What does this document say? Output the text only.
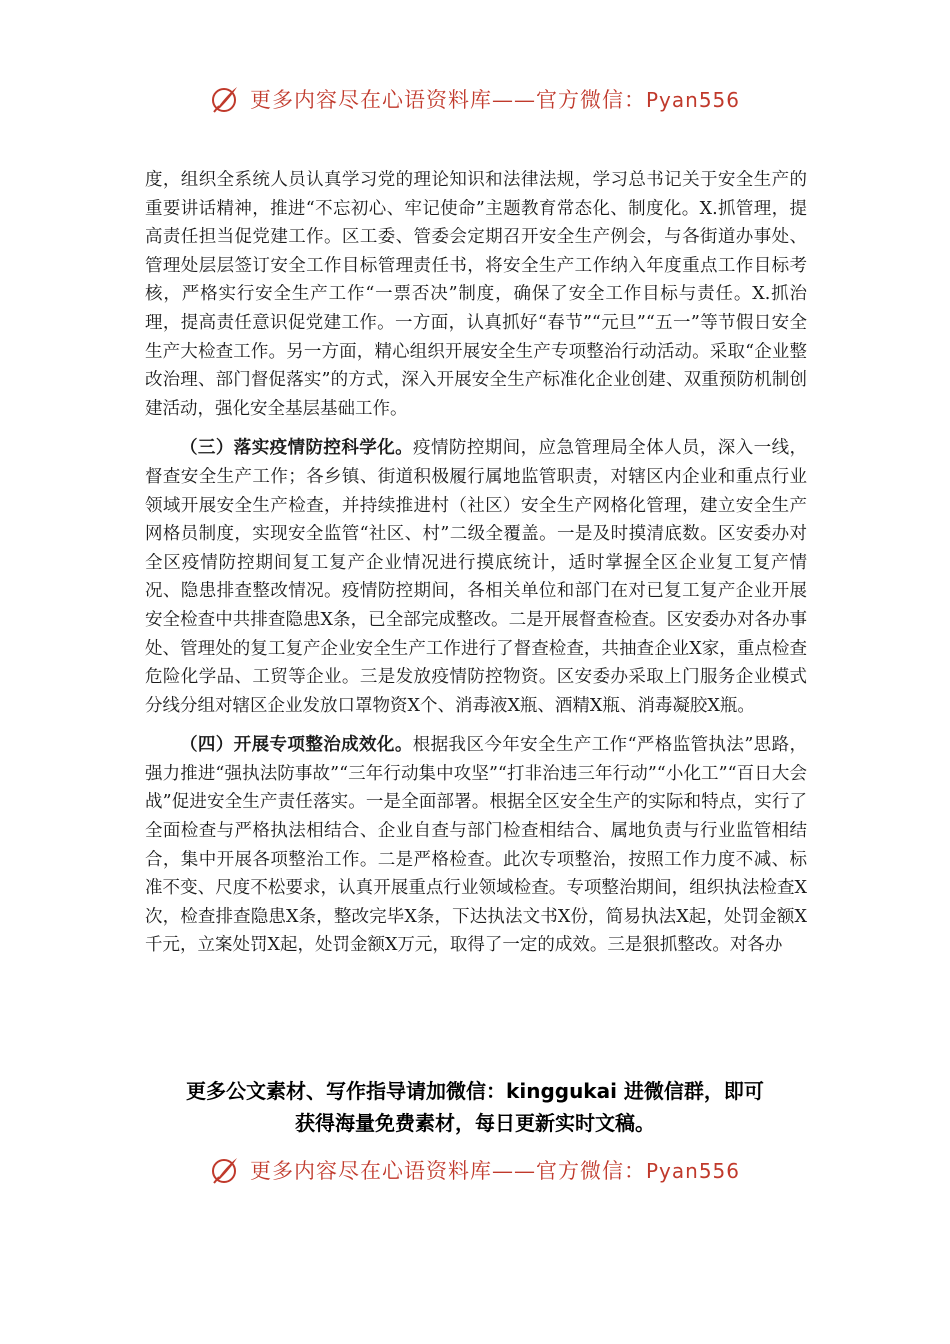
更多内容尽在心语资料库——官方微信：Pyan556

度，组织全系统人员认真学习党的理论知识和法律法规，学习总书记关于安全生产的重要讲话精神，推进“不忘初心、牢记使命”主题教育常态化、制度化。X.抓管理，提高责任担当促党建工作。区工委、管委会定期召开安全生产例会，与各街道办事处、管理处层层签订安全工作目标管理责任书，将安全生产工作纳入年度重点工作目标考核，严格实行安全生产工作“一票否决”制度，确保了安全工作目标与责任。X.抓治理，提高责任意识促党建工作。一方面，认真抓好“春节”“元旦”“五一”等节假日安全生产大检查工作。另一方面，精心组织开展安全生产专项整治行动活动。采取“企业整改治理、部门督促落实”的方式，深入开展安全生产标准化企业创建、双重预防机制创建活动，强化安全基层基础工作。

（三）落实疫情防控科学化。疫情防控期间，应急管理局全体人员，深入一线，督查安全生产工作；各乡镇、街道积极履行属地监管职责，对辖区内企业和重点行业领域开展安全生产检查，并持续推进村（社区）安全生产网格化管理，建立安全生产网格员制度，实现安全监管“社区、村”二级全覆盖。一是及时摸清底数。区安委办对全区疫情防控期间复工复产企业情况进行摸底统计，适时掌握全区企业复工复产情况、隐患排查整改情况。疫情防控期间，各相关单位和部门在对已复工复产企业开展安全检查中共排查隐患X条，已全部完成整改。二是开展督查检查。区安委办对各办事处、管理处的复工复产企业安全生产工作进行了督查检查，共抽查企业X家，重点检查危险化学品、工贸等企业。三是发放疫情防控物资。区安委办采取上门服务企业模式分线分组对辖区企业发放口罩物资X个、消毒液X瓶、酒精X瓶、消毒凝胶X瓶。

（四）开展专项整治成效化。根据我区今年安全生产工作“严格监管执法”思路，强力推进“强执法防事故”“三年行动集中攻坚”“打非治违三年行动”“小化工”“百日大会战”促进安全生产责任落实。一是全面部署。根据全区安全生产的实际和特点，实行了全面检查与严格执法相结合、企业自查与部门检查相结合、属地负责与行业监管相结合，集中开展各项整治工作。二是严格检查。此次专项整治，按照工作力度不减、标准不变、尺度不松要求，认真开展重点行业领域检查。专项整治期间，组织执法检查X次，检查排查隐患X条，整改完毕X条，下达执法文书X份，简易执法X起，处罚金额X千元，立案处罚X起，处罚金额X万元，取得了一定的成效。三是狠抓整改。对各办

更多公文素材、写作指导请加微信：kinggukai 进微信群，即可
获得海量免费素材，每日更新实时文稿。
更多内容尽在心语资料库——官方微信：Pyan556
